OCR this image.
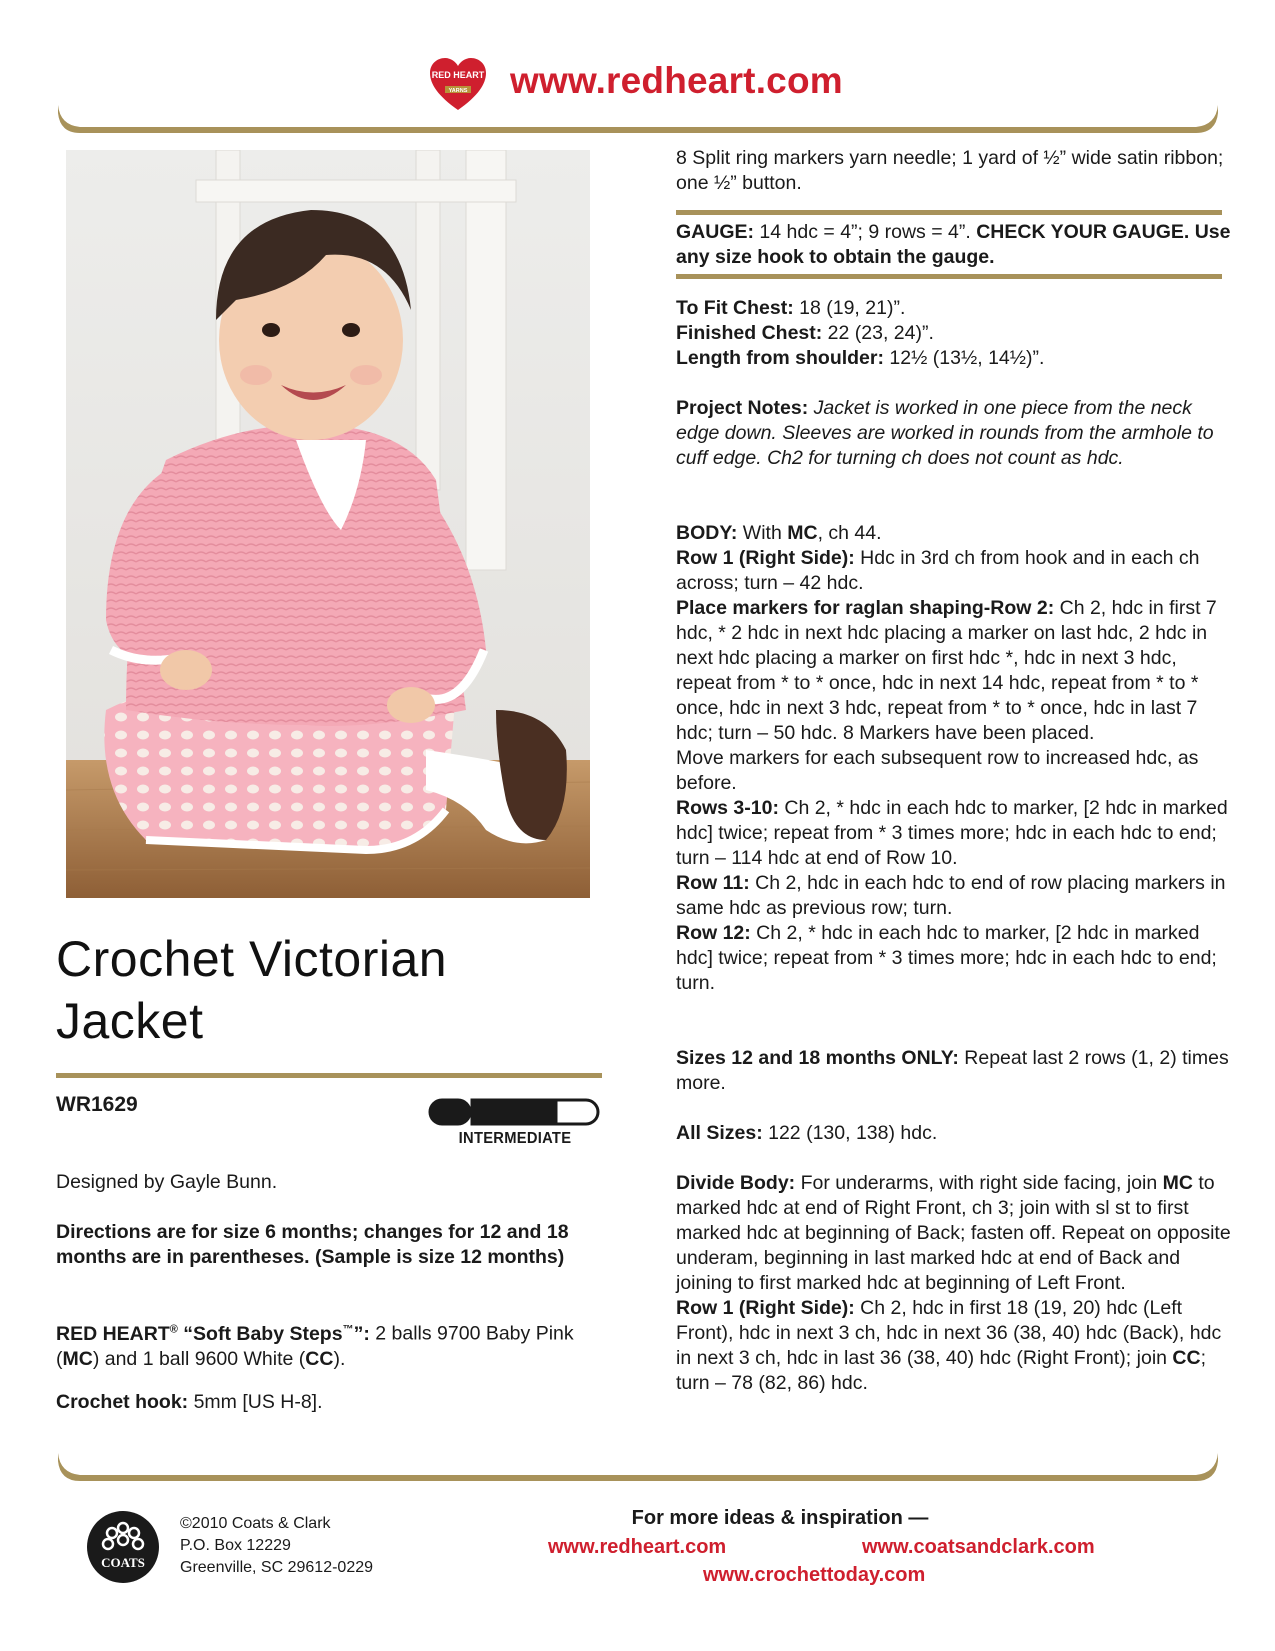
RED HEART
YARNS www.redheart.com
Crochet Victorian
Jacket
WR1629
INTERMEDIATE

Designed by Gayle Bunn.

Directions are for size 6 months; changes for 12 and 18 months are in parentheses. (Sample is size 12 months)

RED HEART® “Soft Baby Steps™”: 2 balls 9700 Baby Pink (MC) and 1 ball 9600 White (CC).

Crochet hook: 5mm [US H-8].

8 Split ring markers yarn needle; 1 yard of ½” wide satin ribbon; one ½” button.

GAUGE: 14 hdc = 4”; 9 rows = 4”. CHECK YOUR GAUGE. Use any size hook to obtain the gauge.

To Fit Chest: 18 (19, 21)”.
Finished Chest: 22 (23, 24)”.
Length from shoulder: 12½ (13½, 14½)”.

Project Notes: Jacket is worked in one piece from the neck edge down. Sleeves are worked in rounds from the armhole to cuff edge. Ch2 for turning ch does not count as hdc.

BODY: With MC, ch 44.
Row 1 (Right Side): Hdc in 3rd ch from hook and in each ch across; turn – 42 hdc.
Place markers for raglan shaping-Row 2: Ch 2, hdc in first 7 hdc, * 2 hdc in next hdc placing a marker on last hdc, 2 hdc in next hdc placing a marker on first hdc *, hdc in next 3 hdc, repeat from * to * once, hdc in next 14 hdc, repeat from * to * once, hdc in next 3 hdc, repeat from * to * once, hdc in last 7 hdc; turn – 50 hdc. 8 Markers have been placed.
Move markers for each subsequent row to increased hdc, as before.
Rows 3-10: Ch 2, * hdc in each hdc to marker, [2 hdc in marked hdc] twice; repeat from * 3 times more; hdc in each hdc to end; turn – 114 hdc at end of Row 10.
Row 11: Ch 2, hdc in each hdc to end of row placing markers in same hdc as previous row; turn.
Row 12: Ch 2, * hdc in each hdc to marker, [2 hdc in marked hdc] twice; repeat from * 3 times more; hdc in each hdc to end; turn.

Sizes 12 and 18 months ONLY: Repeat last 2 rows (1, 2) times more.

All Sizes: 122 (130, 138) hdc.

Divide Body: For underarms, with right side facing, join MC to marked hdc at end of Right Front, ch 3; join with sl st to first marked hdc at beginning of Back; fasten off. Repeat on opposite underam, beginning in last marked hdc at end of Back and joining to first marked hdc at beginning of Left Front.
Row 1 (Right Side): Ch 2, hdc in first 18 (19, 20) hdc (Left Front), hdc in next 3 ch, hdc in next 36 (38, 40) hdc (Back), hdc in next 3 ch, hdc in last 36 (38, 40) hdc (Right Front); join CC; turn – 78 (82, 86) hdc.

COATS
©2010 Coats & Clark
P.O. Box 12229
Greenville, SC 29612-0229
For more ideas & inspiration —
www.redheart.com	www.coatsandclark.com
www.crochettoday.com
